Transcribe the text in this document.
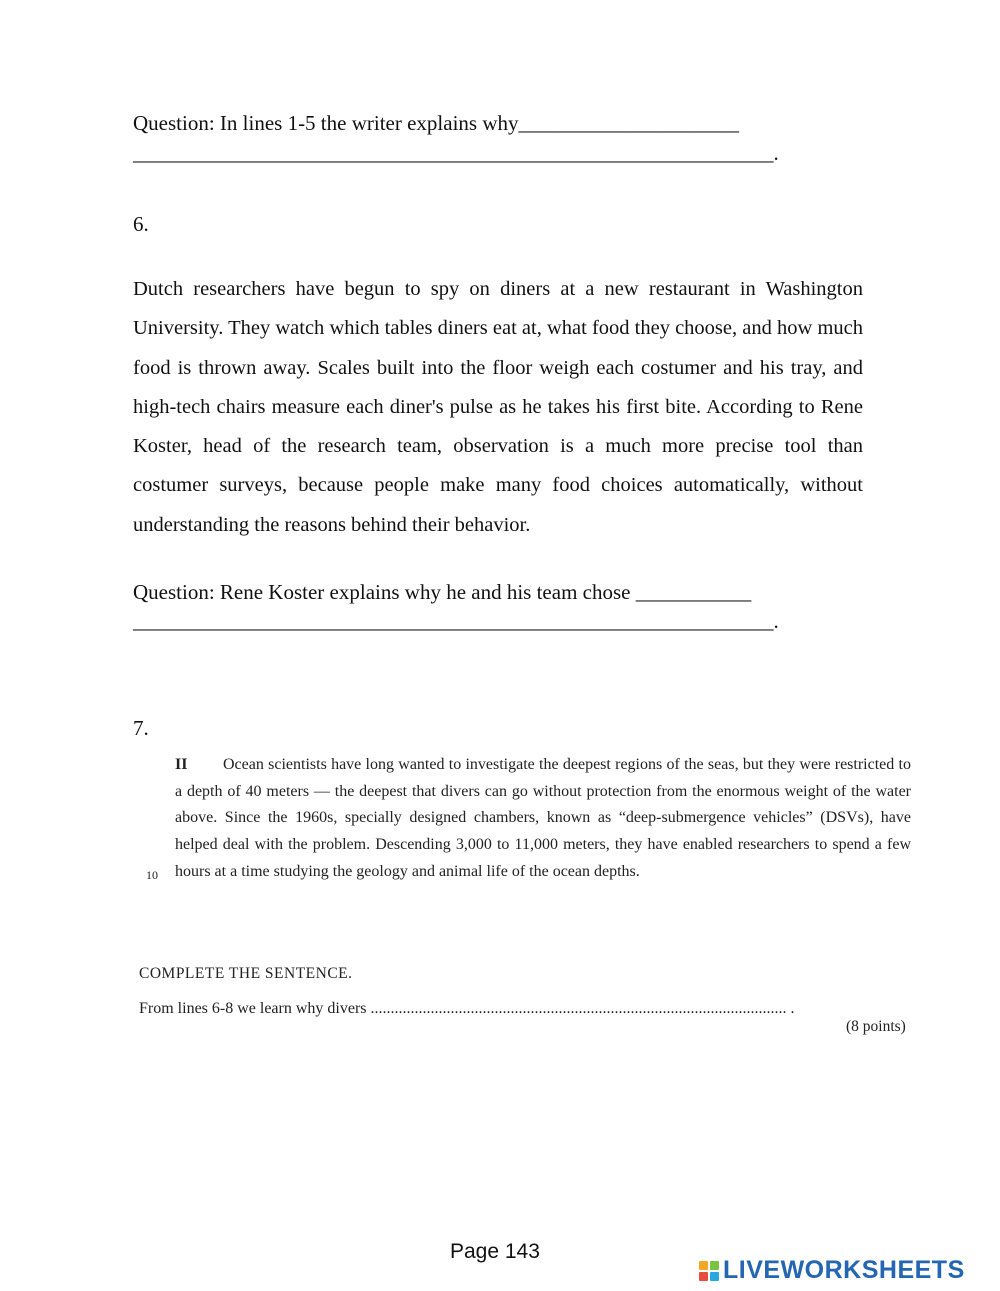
Question: In lines 1-5 the writer explains why_____________________
_____________________________________________________________.
6.
Dutch researchers have begun to spy on diners at a new restaurant in Washington University. They watch which tables diners eat at, what food they choose, and how much food is thrown away. Scales built into the floor weigh each costumer and his tray, and high-tech chairs measure each diner's pulse as he takes his first bite. According to Rene Koster, head of the research team, observation is a much more precise tool than costumer surveys, because people make many food choices automatically, without understanding the reasons behind their behavior.
Question: Rene Koster explains why he and his team chose ___________
_____________________________________________________________.
7.
II	Ocean scientists have long wanted to investigate the deepest regions of the seas, but they were restricted to a depth of 40 meters — the deepest that divers can go without protection from the enormous weight of the water above. Since the 1960s, specially designed chambers, known as “deep-submergence vehicles” (DSVs), have helped deal with the problem. Descending 3,000 to 11,000 meters, they have enabled researchers to spend a few hours at a time studying the geology and animal life of the ocean depths.
10
COMPLETE THE SENTENCE.
From lines 6-8 we learn why divers ........................................................................................................ .
(8 points)
Page 143
LIVEWORKSHEETS
